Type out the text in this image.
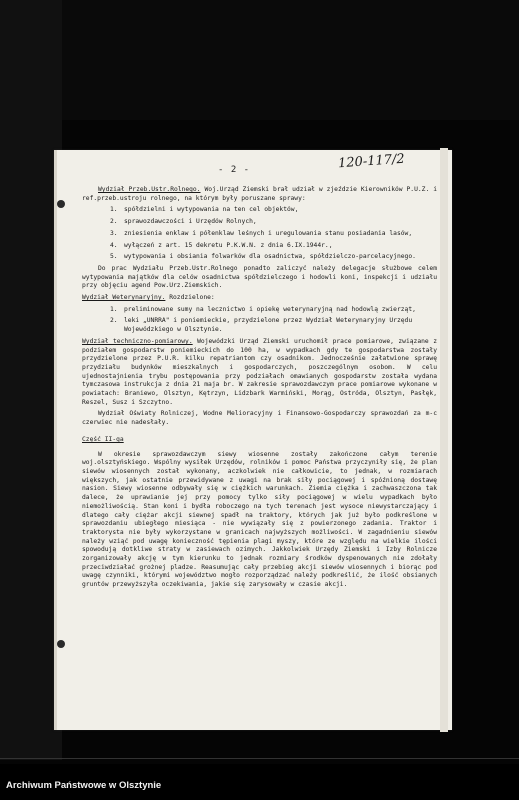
- 2 -	120-117/2

Wydział Przeb.Ustr.Rolnego. Woj.Urząd Ziemski brał udział w zjeździe Kierowników P.U.Z. i ref.przeb.ustroju rolnego, na którym były poruszane sprawy:

1.	spółdzielni i wytypowania na ten cel objektów,
2.	sprawozdawczości i Urzędów Rolnych,
3.	zniesienia enklaw i półenklaw leśnych i uregulowania stanu posiadania lasów,
4.	wyłączeń z art. 15 dekretu P.K.W.N. z dnia 6.IX.1944r.,
5.	wytypowania i obsiania folwarków dla osadnictwa, spółdzielczo-parcelacyjnego.

Do prac Wydziału Przeb.Ustr.Rolnego ponadto zaliczyć należy delegacje służbowe celem wytypowania majątków dla celów osadnictwa spółdzielczego i hodowli koni, inspekcji i udziału przy objęciu agend Pow.Urz.Ziemskich.

Wydział Weterynaryjny. Rozdzielone:

1.	preliminowane sumy na lecznictwo i opiekę weterynaryjną nad hodowlą zwierząt,
2.	leki „UNRRA" i poniemieckie, przydzielone przez Wydział Weterynaryjny Urzędu Wojewódzkiego w Olsztynie.

Wydział techniczno-pomiarowy. Wojewódzki Urząd Ziemski uruchomił prace pomiarowe, związane z podziałem gospodarstw poniemieckich do 100 ha, w wypadkach gdy te gospodarstwa zostały przydzielone przez P.U.R. kilku repatriantom czy osadnikom. Jednocześnie załatwione sprawę przydziału budynków mieszkalnych i gospodarczych, poszczególnym osobom. W celu ujednostajnienia trybu postępowania przy podziałach omawianych gospodarstw została wydana tymczasowa instrukcja z dnia 21 maja br. W zakresie sprawozdawczym prace pomiarowe wykonane w powiatach: Braniewo, Olsztyn, Kętrzyn, Lidzbark Warmiński, Morąg, Ostróda, Olsztyn, Pasłęk, Reszel, Susz i Szczytno.

Wydział Oświaty Rolniczej, Wodne Melioracyjny i Finansowo-Gospodarczy sprawozdań za m-c czerwiec nie nadesłały.

Część II-ga

W okresie sprawozdawczym siewy wiosenne zostały zakończone całym terenie woj.olsztyńskiego. Wspólny wysiłek Urzędów, rolników i pomoc Państwa przyczyniły się, że plan siewów wiosennych został wykonany, aczkolwiek nie całkowicie, to jednak, w rozmiarach większych, jak ostatnie przewidywane z uwagi na brak siły pociągowej i spóźnioną dostawę nasion. Siewy wiosenne odbywały się w ciężkich warunkach. Ziemia ciężka i zachwaszczona tak dalece, że uprawianie jej przy pomocy tylko siły pociągowej w wielu wypadkach było niemożliwością. Stan koni i bydła roboczego na tych terenach jest wysoce niewystarczający i dlatego cały ciężar akcji siewnej spadł na traktory, których jak już było podkreślone w sprawozdaniu ubiegłego miesiąca - nie wywiązały się z powierzonego zadania. Traktor i traktorysta nie były wykorzystane w granicach najwyższych możliwości. W zagadnieniu siewów należy wziąć pod uwagę konieczność tępienia plagi myszy, które ze względu na wielkie ilości spowodują dotkliwe straty w zasiewach ozimych. Jakkolwiek Urzędy Ziemski i Izby Rolnicze zorganizowały akcję w tym kierunku to jednak rozmiary środków dyspenowanych nie zdołały przeciwdziałać grożnej pladze. Reasumując cały przebieg akcji siewów wiosennych i biorąc pod uwagę czynniki, którymi województwo mogło rozporządzać należy podkreślić, że ilość obsianych gruntów przewyższyła oczekiwania, jakie się zarysowały w czasie akcji.

Archiwum Państwowe w Olsztynie
